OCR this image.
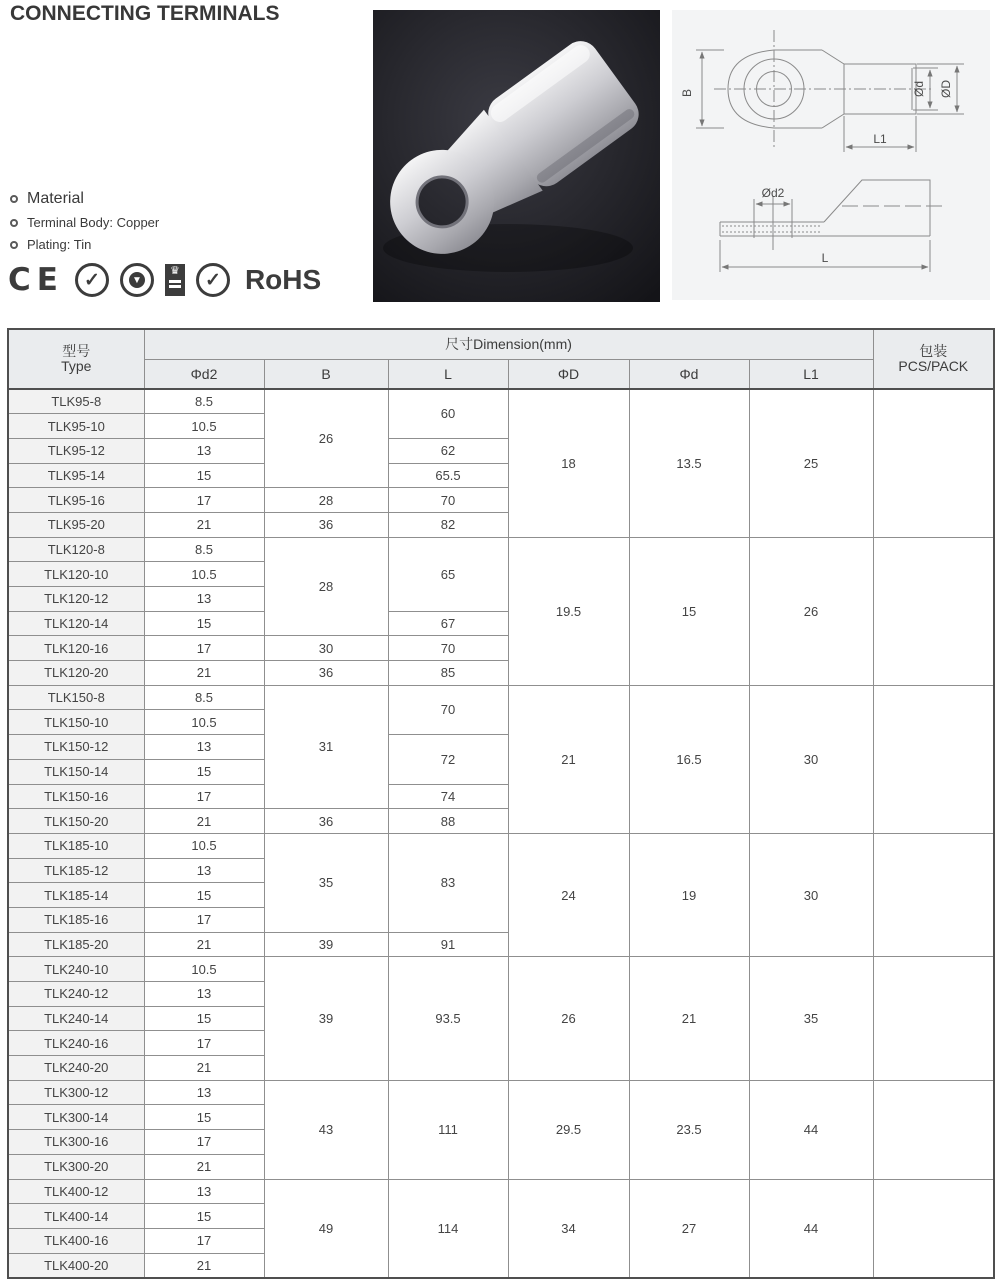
CONNECTING TERMINALS
B	Ød ØD
L1
Ød2
L
Material
Terminal Body: Copper
Plating: Tin
CE ✓	▼
♛ ✓ RoHS
型号
Type	尺寸Dimension(mm)						包装
PCS/PACK

	Φd2	B	L	ΦD	Φd	L1	
TLK95-8	8.5	26	60	18	13.5	25	
TLK95-10	10.5						
TLK95-12	13		62				
TLK95-14	15		65.5				
TLK95-16	17	28	70				
TLK95-20	21	36	82				
TLK120-8	8.5	28	65	19.5	15	26	
TLK120-10	10.5						
TLK120-12	13						
TLK120-14	15		67				
TLK120-16	17	30	70				
TLK120-20	21	36	85				
TLK150-8	8.5	31	70	21	16.5	30	
TLK150-10	10.5						
TLK150-12	13		72				
TLK150-14	15						
TLK150-16	17		74				
TLK150-20	21	36	88				
TLK185-10	10.5	35	83	24	19	30	
TLK185-12	13						
TLK185-14	15						
TLK185-16	17						
TLK185-20	21	39	91				
TLK240-10	10.5	39	93.5	26	21	35	
TLK240-12	13						
TLK240-14	15						
TLK240-16	17						
TLK240-20	21						
TLK300-12	13	43	111	29.5	23.5	44	
TLK300-14	15						
TLK300-16	17						
TLK300-20	21						
TLK400-12	13	49	114	34	27	44	
TLK400-14	15						
TLK400-16	17						
TLK400-20	21						
